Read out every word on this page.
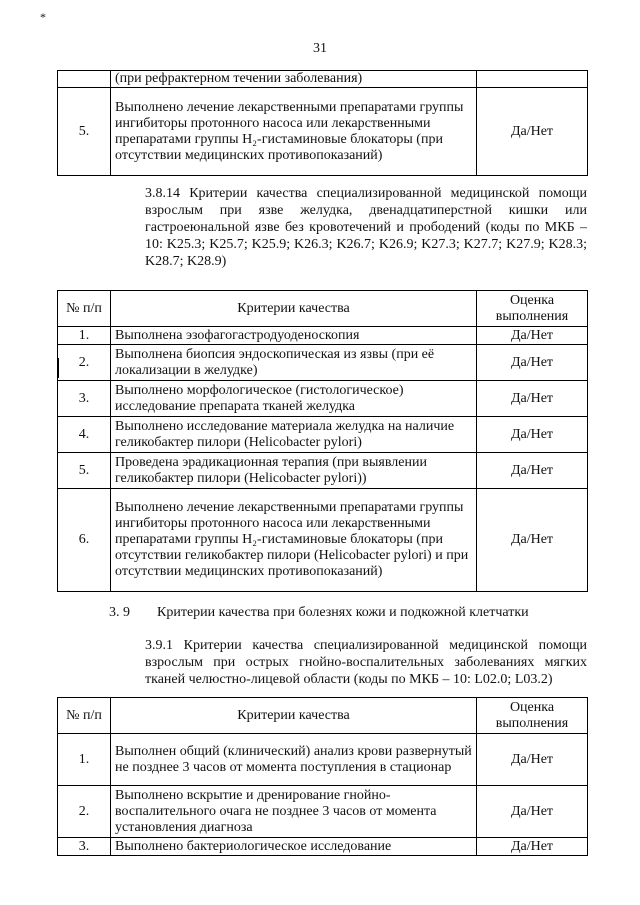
*
31
	(при рефрактерном течении заболевания)	
5.	Выполнено лечение лекарственными препаратами группы ингибиторы протонного насоса или лекарственными препаратами группы H₂-гистаминовые блокаторы (при отсутствии медицинских противопоказаний)	Да/Нет
3.8.14 Критерии качества специализированной медицинской помощи взрослым при язве желудка, двенадцатиперстной кишки или гастроеюнальной язве без кровотечений и прободений (коды по МКБ – 10: K25.3; K25.7; K25.9; K26.3; K26.7; K26.9; K27.3; K27.7; K27.9; K28.3; K28.7; K28.9)
№ п/п	Критерии качества	Оценка выполнения
1.	Выполнена эзофагогастродуоденоскопия	Да/Нет
2.	Выполнена биопсия эндоскопическая из язвы (при её локализации в желудке)	Да/Нет
3.	Выполнено морфологическое (гистологическое) исследование препарата тканей желудка	Да/Нет
4.	Выполнено исследование материала желудка на наличие геликобактер пилори (Helicobacter pylori)	Да/Нет
5.	Проведена эрадикационная терапия (при выявлении геликобактер пилори (Helicobacter pylori))	Да/Нет
6.	Выполнено лечение лекарственными препаратами группы ингибиторы протонного насоса или лекарственными препаратами группы H₂-гистаминовые блокаторы (при отсутствии геликобактер пилори (Helicobacter pylori) и при отсутствии медицинских противопоказаний)	Да/Нет
3. 9 Критерии качества при болезнях кожи и подкожной клетчатки
3.9.1 Критерии качества специализированной медицинской помощи взрослым при острых гнойно-воспалительных заболеваниях мягких тканей челюстно-лицевой области (коды по МКБ – 10: L02.0; L03.2)
№ п/п	Критерии качества	Оценка выполнения
1.	Выполнен общий (клинический) анализ крови развернутый не позднее 3 часов от момента поступления в стационар	Да/Нет
2.	Выполнено вскрытие и дренирование гнойно-воспалительного очага не позднее 3 часов от момента установления диагноза	Да/Нет
3.	Выполнено бактериологическое исследование	Да/Нет
